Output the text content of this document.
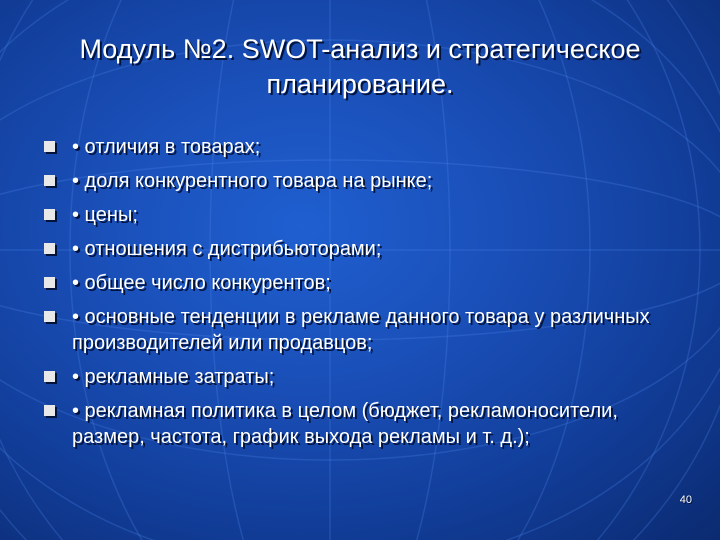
Модуль №2. SWOT-анализ и стратегическое планирование.
• отличия в товарах;
• доля конкурентного товара на рынке;
• цены;
• отношения с дистрибьюторами;
• общее число конкурентов;
• основные тенденции в рекламе данного товара у различных производителей или продавцов;
• рекламные затраты;
• рекламная политика в целом (бюджет, рекламоносители, размер, частота, график выхода рекламы и т. д.);
40
